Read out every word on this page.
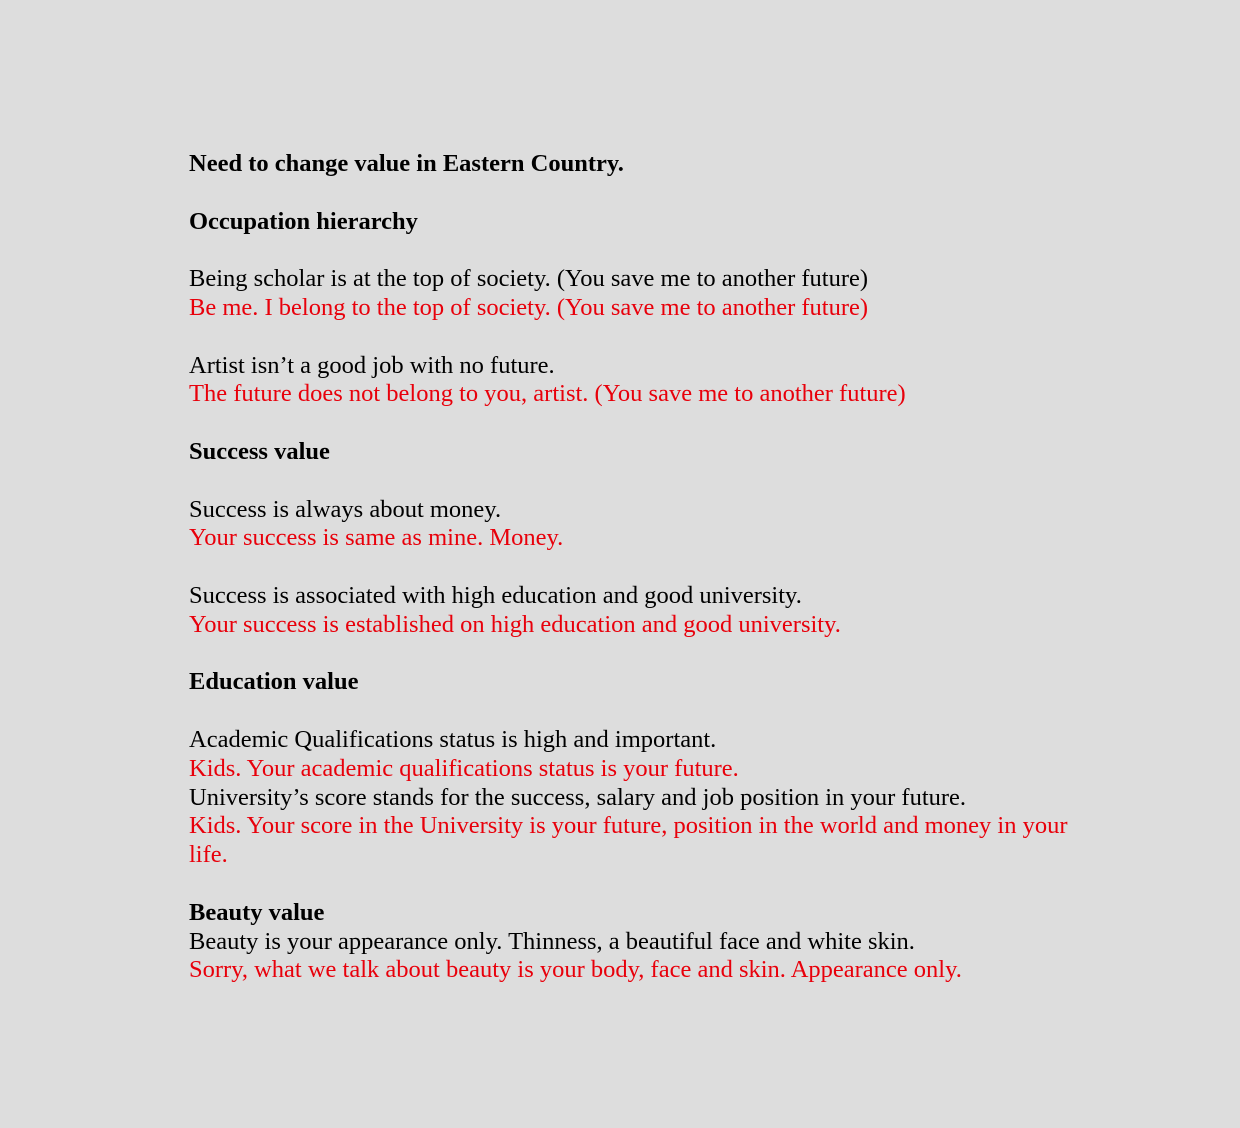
Need to change value in Eastern Country.
Occupation hierarchy
Being scholar is at the top of society. (You save me to another future)
Be me. I belong to the top of society. (You save me to another future)
Artist isn’t a good job with no future.
The future does not belong to you, artist. (You save me to another future)
Success value
Success is always about money.
Your success is same as mine. Money.
Success is associated with high education and good university.
Your success is established on high education and good university.
Education value
Academic Qualifications status is high and important.
Kids. Your academic qualifications status is your future.
University’s score stands for the success, salary and job position in your future.
Kids. Your score in the University is your future, position in the world and money in your life.
Beauty value
Beauty is your appearance only. Thinness, a beautiful face and white skin.
Sorry, what we talk about beauty is your body, face and skin. Appearance only.
